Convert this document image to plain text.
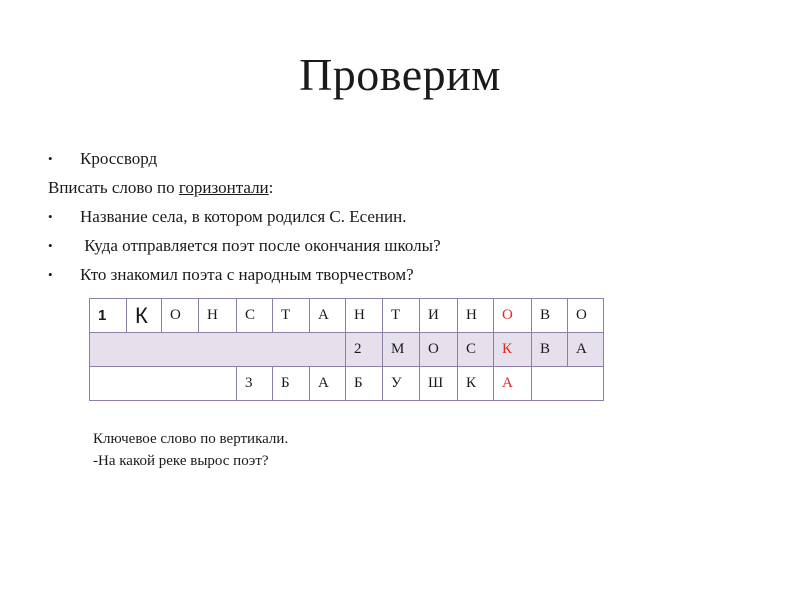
Проверим
• Кроссворд
Вписать слово по горизонтали:
• Название села, в котором родился С. Есенин.
• Куда отправляется поэт после окончания школы?
• Кто знакомил поэта с народным творчеством?
1	К	О	Н	С	Т	А	Н	Т	И	Н	О	В	О
							2	М	О	С	К	В	А
				3	Б	А	Б	У	Ш	К	А		
Ключевое слово по вертикали.
-На какой реке вырос поэт?
